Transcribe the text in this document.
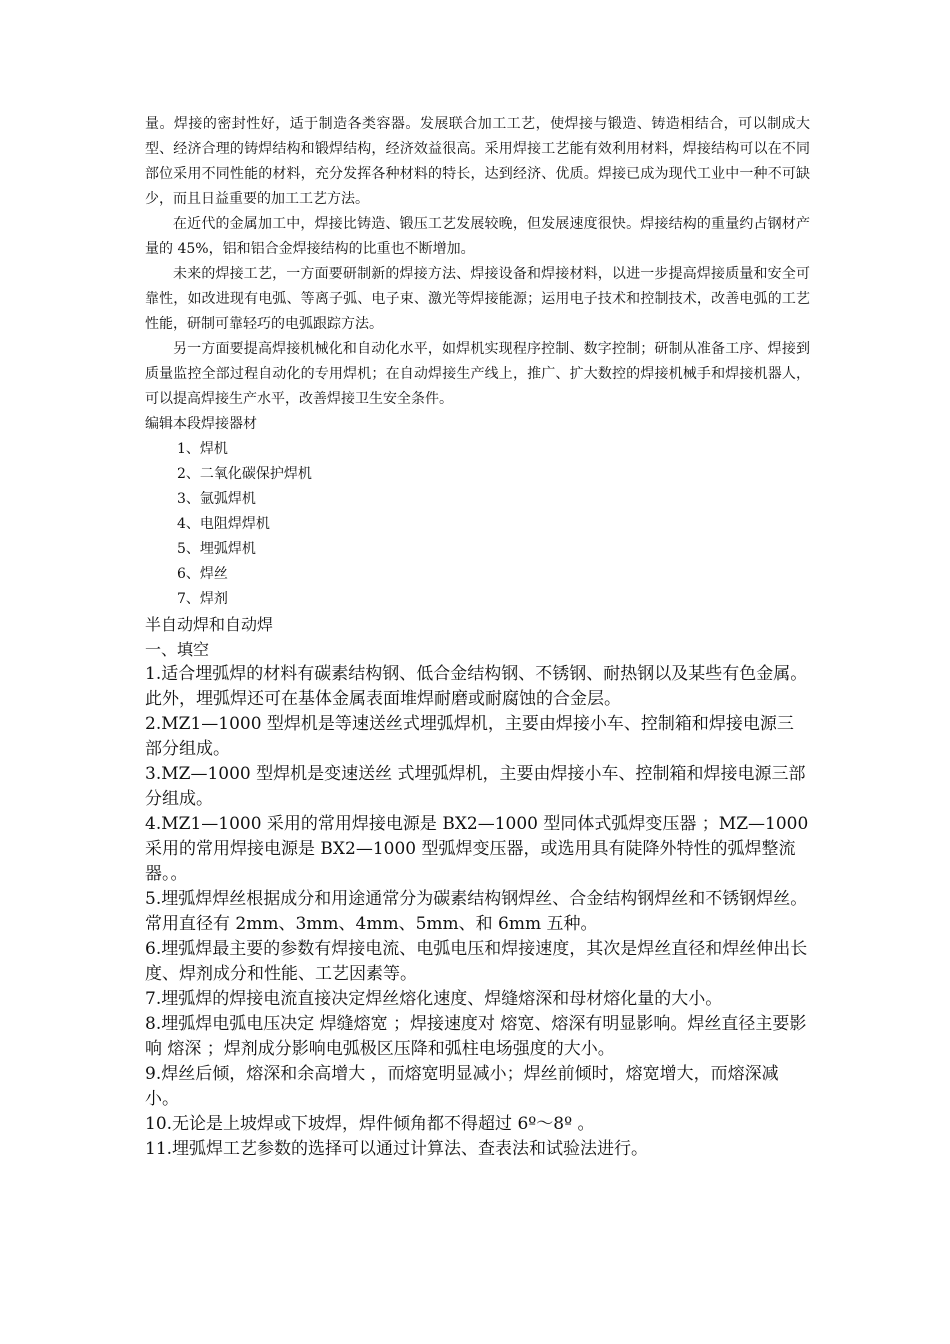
量。焊接的密封性好，适于制造各类容器。发展联合加工工艺，使焊接与锻造、铸造相结合，可以制成大型、经济合理的铸焊结构和锻焊结构，经济效益很高。采用焊接工艺能有效利用材料，焊接结构可以在不同部位采用不同性能的材料，充分发挥各种材料的特长，达到经济、优质。焊接已成为现代工业中一种不可缺少，而且日益重要的加工工艺方法。

在近代的金属加工中，焊接比铸造、锻压工艺发展较晚，但发展速度很快。焊接结构的重量约占钢材产量的 45%，铝和铝合金焊接结构的比重也不断增加。

未来的焊接工艺，一方面要研制新的焊接方法、焊接设备和焊接材料，以进一步提高焊接质量和安全可靠性，如改进现有电弧、等离子弧、电子束、激光等焊接能源；运用电子技术和控制技术，改善电弧的工艺性能，研制可靠轻巧的电弧跟踪方法。

另一方面要提高焊接机械化和自动化水平，如焊机实现程序控制、数字控制；研制从准备工序、焊接到质量监控全部过程自动化的专用焊机；在自动焊接生产线上，推广、扩大数控的焊接机械手和焊接机器人，可以提高焊接生产水平，改善焊接卫生安全条件。

编辑本段焊接器材

1、焊机
2、二氧化碳保护焊机
3、氩弧焊机
4、电阻焊焊机
5、埋弧焊机
6、焊丝
7、焊剂

半自动焊和自动焊

一、填空

1.适合埋弧焊的材料有碳素结构钢、低合金结构钢、不锈钢、耐热钢以及某些有色金属。此外，埋弧焊还可在基体金属表面堆焊耐磨或耐腐蚀的合金层。

2.MZ1—1000 型焊机是等速送丝式埋弧焊机，主要由焊接小车、控制箱和焊接电源三部分组成。

3.MZ—1000 型焊机是变速送丝 式埋弧焊机，主要由焊接小车、控制箱和焊接电源三部分组成。

4.MZ1—1000 采用的常用焊接电源是 BX2—1000 型同体式弧焊变压器 ；MZ—1000 采用的常用焊接电源是 BX2—1000 型弧焊变压器，或选用具有陡降外特性的弧焊整流器。。

5.埋弧焊焊丝根据成分和用途通常分为碳素结构钢焊丝、合金结构钢焊丝和不锈钢焊丝。常用直径有 2mm、3mm、4mm、5mm、和 6mm 五种。

6.埋弧焊最主要的参数有焊接电流、电弧电压和焊接速度，其次是焊丝直径和焊丝伸出长度、焊剂成分和性能、工艺因素等。

7.埋弧焊的焊接电流直接决定焊丝熔化速度、焊缝熔深和母材熔化量的大小。

8.埋弧焊电弧电压决定 焊缝熔宽 ；焊接速度对 熔宽、熔深有明显影响。焊丝直径主要影响 熔深 ；焊剂成分影响电弧极区压降和弧柱电场强度的大小。

9.焊丝后倾，熔深和余高增大 ，而熔宽明显减小；焊丝前倾时，熔宽增大，而熔深减小。

10.无论是上坡焊或下坡焊，焊件倾角都不得超过 6º～8º 。

11.埋弧焊工艺参数的选择可以通过计算法、查表法和试验法进行。
